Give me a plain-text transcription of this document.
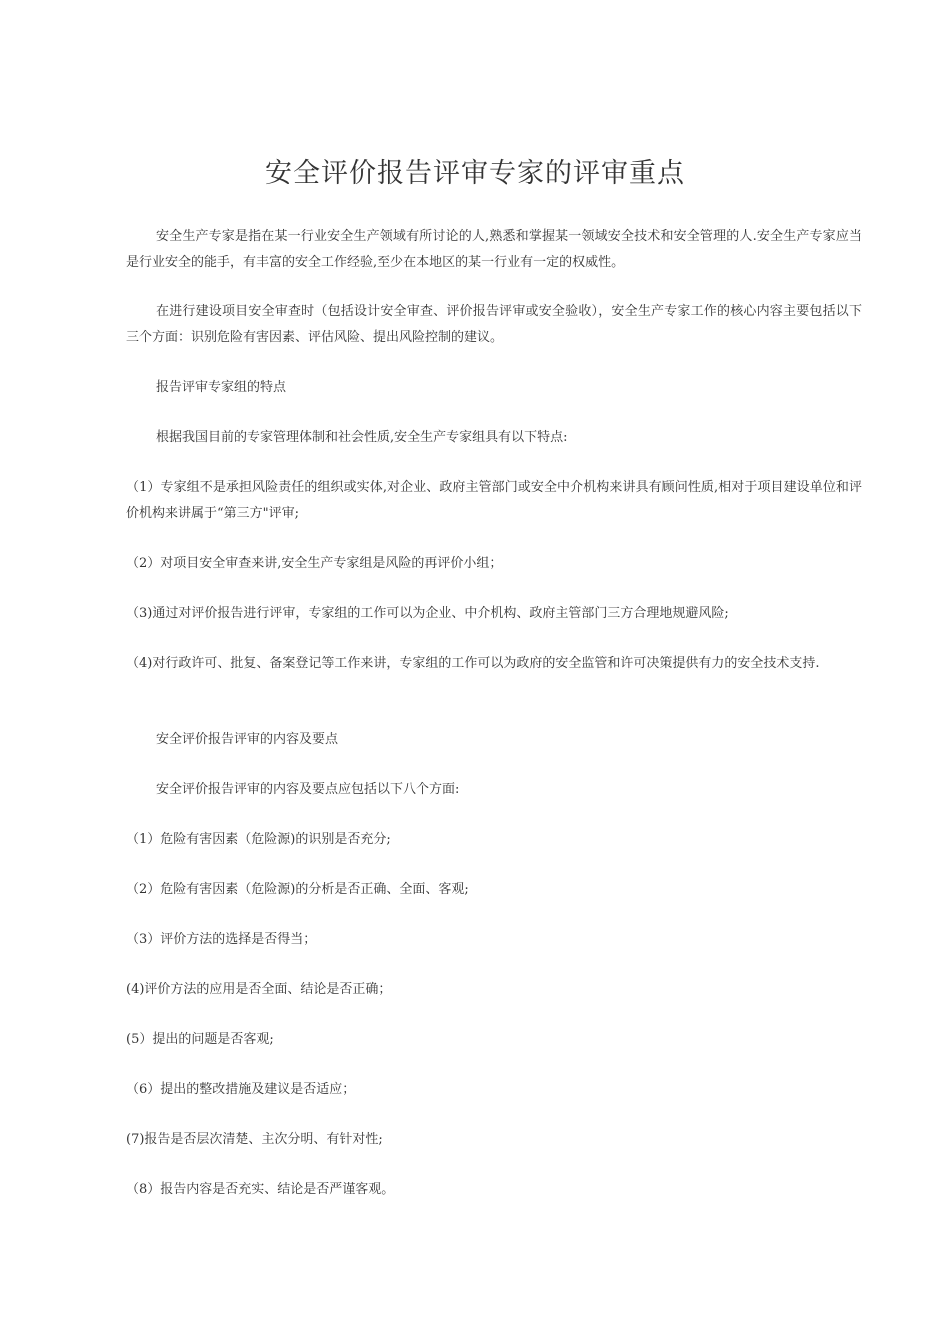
安全评价报告评审专家的评审重点

安全生产专家是指在某一行业安全生产领域有所讨论的人,熟悉和掌握某一领域安全技术和安全管理的人.安全生产专家应当是行业安全的能手，有丰富的安全工作经验,至少在本地区的某一行业有一定的权威性。

在进行建设项目安全审查时（包括设计安全审查、评价报告评审或安全验收），安全生产专家工作的核心内容主要包括以下三个方面：识别危险有害因素、评估风险、提出风险控制的建议。

报告评审专家组的特点

根据我国目前的专家管理体制和社会性质,安全生产专家组具有以下特点:

（1）专家组不是承担风险责任的组织或实体,对企业、政府主管部门或安全中介机构来讲具有顾问性质,相对于项目建设单位和评价机构来讲属于“第三方"评审;

（2）对项目安全审查来讲,安全生产专家组是风险的再评价小组；

（3)通过对评价报告进行评审，专家组的工作可以为企业、中介机构、政府主管部门三方合理地规避风险;

（4)对行政许可、批复、备案登记等工作来讲，专家组的工作可以为政府的安全监管和许可决策提供有力的安全技术支持.

安全评价报告评审的内容及要点

安全评价报告评审的内容及要点应包括以下八个方面:

（1）危险有害因素（危险源)的识别是否充分;

（2）危险有害因素（危险源)的分析是否正确、全面、客观;

（3）评价方法的选择是否得当；

(4)评价方法的应用是否全面、结论是否正确；

(5）提出的问题是否客观;

（6）提出的整改措施及建议是否适应；

(7)报告是否层次清楚、主次分明、有针对性;

（8）报告内容是否充实、结论是否严谨客观。
